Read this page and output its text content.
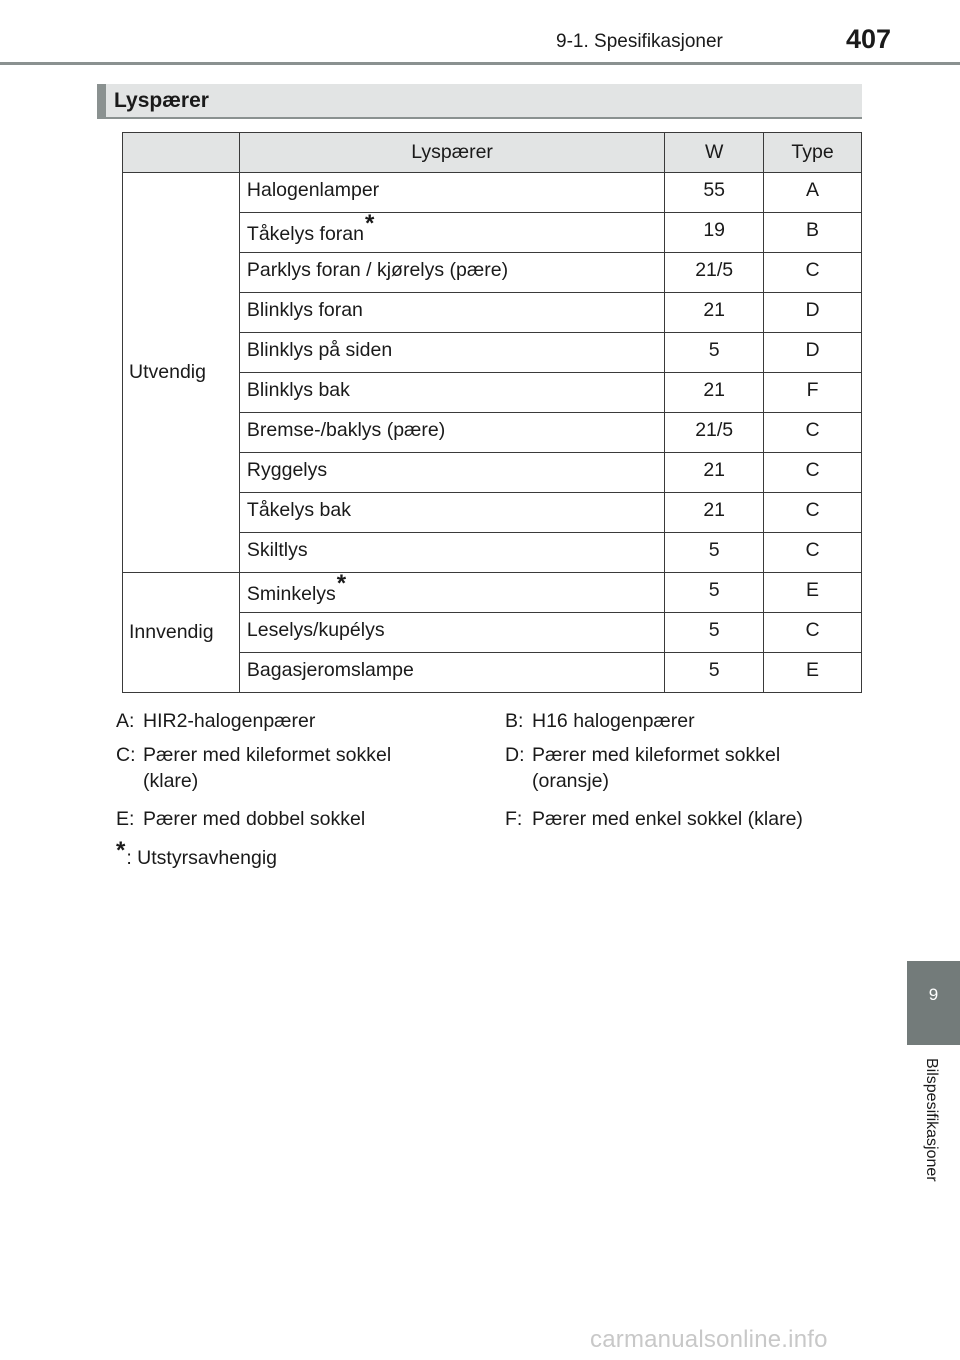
9-1. Spesifikasjoner	407
Lyspærer
	Lyspærer	W	Type
Utvendig	Halogenlamper	55	A
	Tåkelys foran*	19	B
	Parklys foran / kjørelys (pære)	21/5	C
	Blinklys foran	21	D
	Blinklys på siden	5	D
	Blinklys bak	21	F
	Bremse-/baklys (pære)	21/5	C
	Ryggelys	21	C
	Tåkelys bak	21	C
	Skiltlys	5	C
Innvendig	Sminkelys*	5	E
	Leselys/kupélys	5	C
	Bagasjeromslampe	5	E
A: HIR2-halogenpærer	B: H16 halogenpærer
C: Pærer med kileformet sokkel (klare)
D: Pærer med kileformet sokkel (oransje)
E: Pærer med dobbel sokkel	F: Pærer med enkel sokkel (klare)
*: Utstyrsavhengig
9
Bilspesifikasjoner
carmanualsonline.info
